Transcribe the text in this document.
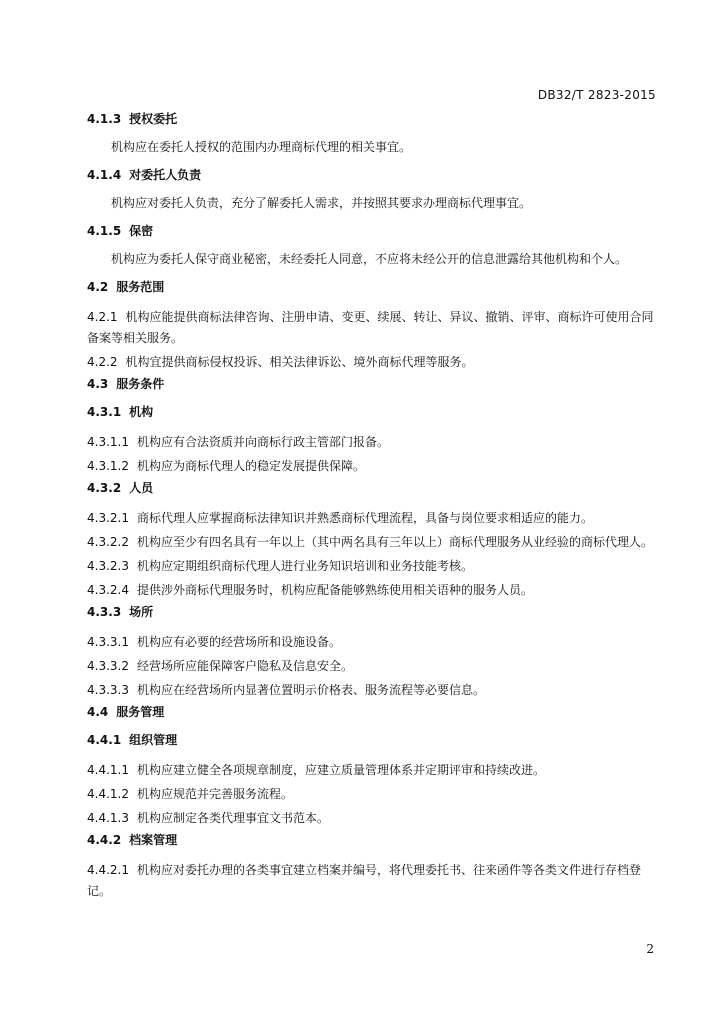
DB32/T 2823-2015
4.1.3 授权委托
机构应在委托人授权的范围内办理商标代理的相关事宜。
4.1.4 对委托人负责
机构应对委托人负责，充分了解委托人需求，并按照其要求办理商标代理事宜。
4.1.5 保密
机构应为委托人保守商业秘密，未经委托人同意，不应将未经公开的信息泄露给其他机构和个人。
4.2 服务范围
4.2.1 机构应能提供商标法律咨询、注册申请、变更、续展、转让、异议、撤销、评审、商标许可使用合同备案等相关服务。
4.2.2 机构宜提供商标侵权投诉、相关法律诉讼、境外商标代理等服务。
4.3 服务条件
4.3.1 机构
4.3.1.1 机构应有合法资质并向商标行政主管部门报备。
4.3.1.2 机构应为商标代理人的稳定发展提供保障。
4.3.2 人员
4.3.2.1 商标代理人应掌握商标法律知识并熟悉商标代理流程，具备与岗位要求相适应的能力。
4.3.2.2 机构应至少有四名具有一年以上（其中两名具有三年以上）商标代理服务从业经验的商标代理人。
4.3.2.3 机构应定期组织商标代理人进行业务知识培训和业务技能考核。
4.3.2.4 提供涉外商标代理服务时，机构应配备能够熟练使用相关语种的服务人员。
4.3.3 场所
4.3.3.1 机构应有必要的经营场所和设施设备。
4.3.3.2 经营场所应能保障客户隐私及信息安全。
4.3.3.3 机构应在经营场所内显著位置明示价格表、服务流程等必要信息。
4.4 服务管理
4.4.1 组织管理
4.4.1.1 机构应建立健全各项规章制度，应建立质量管理体系并定期评审和持续改进。
4.4.1.2 机构应规范并完善服务流程。
4.4.1.3 机构应制定各类代理事宜文书范本。
4.4.2 档案管理
4.4.2.1 机构应对委托办理的各类事宜建立档案并编号，将代理委托书、往来函件等各类文件进行存档登记。
2
